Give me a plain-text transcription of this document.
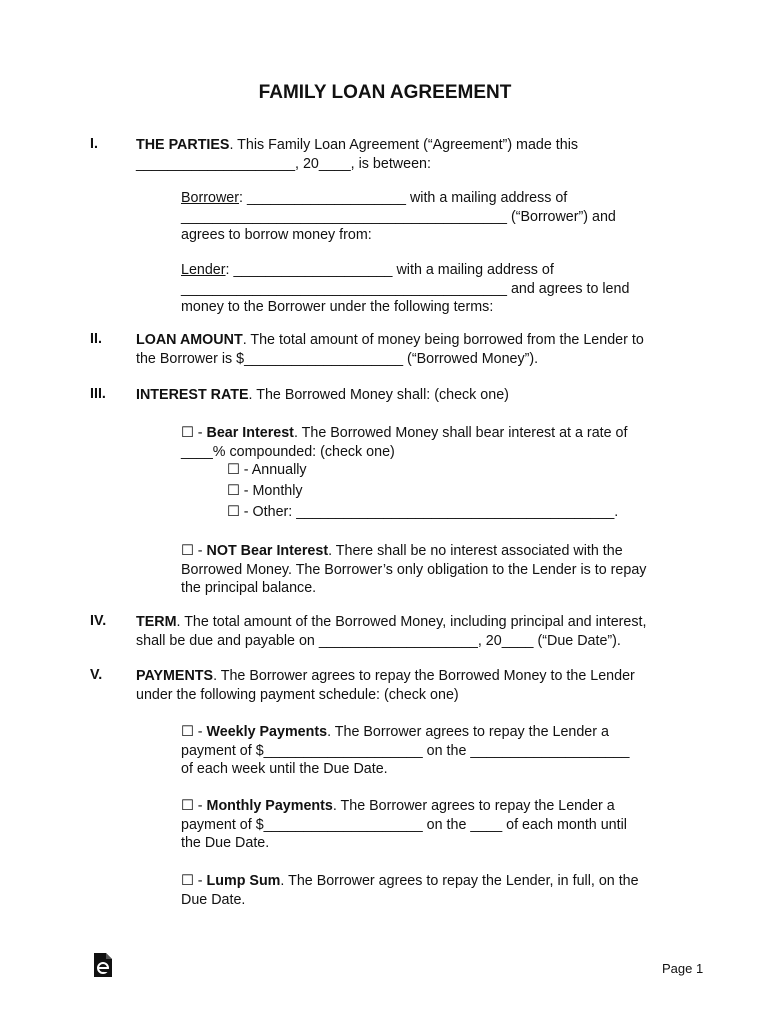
FAMILY LOAN AGREEMENT
I.	THE PARTIES. This Family Loan Agreement (“Agreement”) made this
____________________, 20____, is between:
Borrower: ____________________ with a mailing address of
_________________________________________ (“Borrower”) and
agrees to borrow money from:
Lender: ____________________ with a mailing address of
_________________________________________ and agrees to lend
money to the Borrower under the following terms:
II. LOAN AMOUNT. The total amount of money being borrowed from the Lender to
the Borrower is $____________________ (“Borrowed Money”).
III. INTEREST RATE. The Borrowed Money shall: (check one)
☐ - Bear Interest. The Borrowed Money shall bear interest at a rate of
____% compounded: (check one)
☐ - Annually
☐ - Monthly
☐ - Other: ________________________________________.
☐ - NOT Bear Interest. There shall be no interest associated with the
Borrowed Money. The Borrower’s only obligation to the Lender is to repay
the principal balance.
IV. TERM. The total amount of the Borrowed Money, including principal and interest,
shall be due and payable on ____________________, 20____ (“Due Date”).
V. PAYMENTS. The Borrower agrees to repay the Borrowed Money to the Lender
under the following payment schedule: (check one)
☐ - Weekly Payments. The Borrower agrees to repay the Lender a
payment of $____________________ on the ____________________
of each week until the Due Date.
☐ - Monthly Payments. The Borrower agrees to repay the Lender a
payment of $____________________ on the ____ of each month until
the Due Date.
☐ - Lump Sum. The Borrower agrees to repay the Lender, in full, on the
Due Date.
Page 1
